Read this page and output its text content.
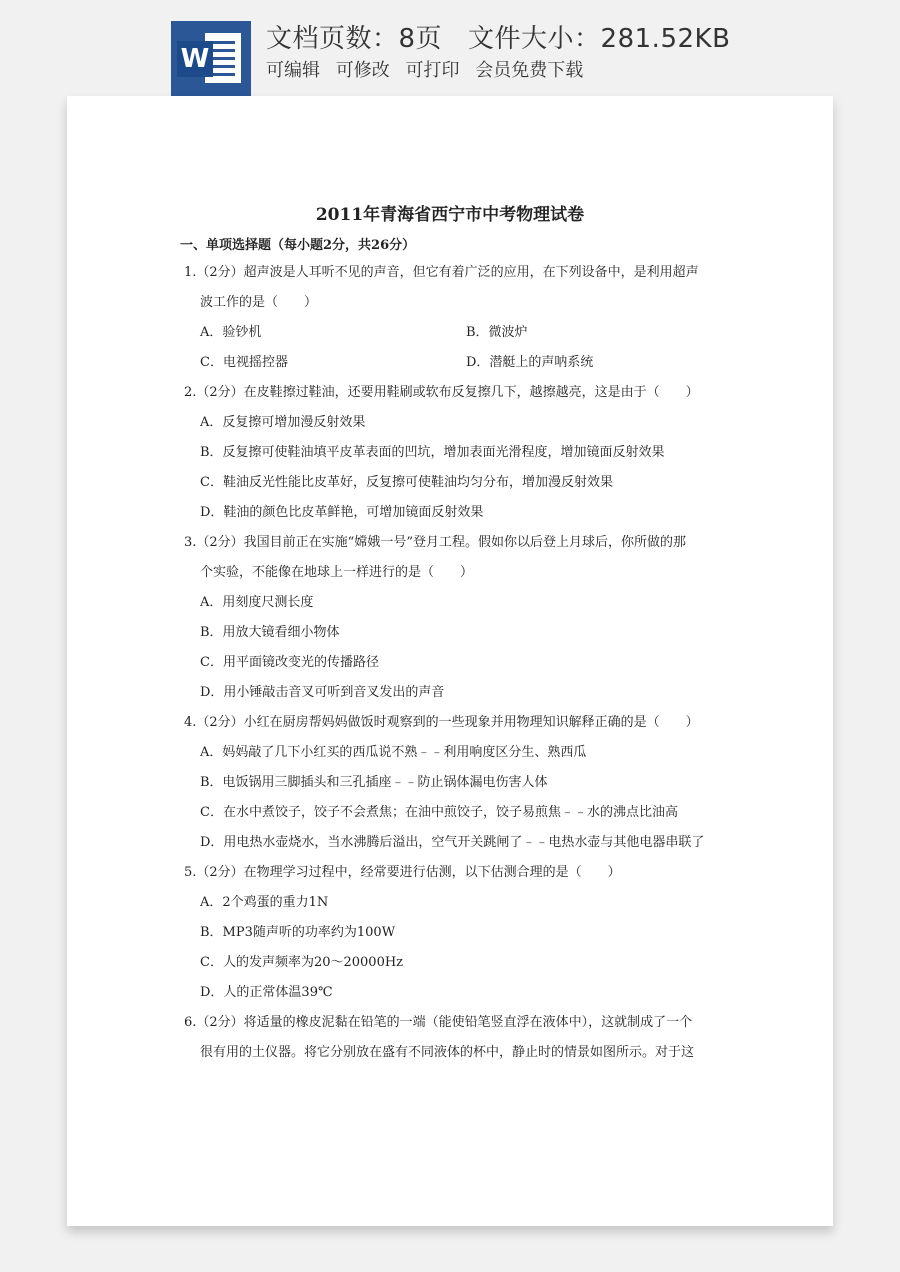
W
文档页数：8页 文件大小：281.52KB
可编辑 可修改 可打印 会员免费下载
2011年青海省西宁市中考物理试卷
一、单项选择题（每小题2分，共26分）
1.（2分）超声波是人耳听不见的声音，但它有着广泛的应用，在下列设备中，是利用超声
波工作的是（　　）
A．验钞机	B．微波炉
C．电视摇控器	D．潜艇上的声呐系统
2.（2分）在皮鞋擦过鞋油，还要用鞋刷或软布反复擦几下，越擦越亮，这是由于（　　）
A．反复擦可增加漫反射效果
B．反复擦可使鞋油填平皮革表面的凹坑，增加表面光滑程度，增加镜面反射效果
C．鞋油反光性能比皮革好，反复擦可使鞋油均匀分布，增加漫反射效果
D．鞋油的颜色比皮革鲜艳，可增加镜面反射效果
3.（2分）我国目前正在实施“嫦娥一号”登月工程。假如你以后登上月球后，你所做的那
个实验，不能像在地球上一样进行的是（　　）
A．用刻度尺测长度
B．用放大镜看细小物体
C．用平面镜改变光的传播路径
D．用小锤敲击音叉可听到音叉发出的声音
4.（2分）小红在厨房帮妈妈做饭时观察到的一些现象并用物理知识解释正确的是（　　）
A．妈妈敲了几下小红买的西瓜说不熟﹣﹣利用响度区分生、熟西瓜
B．电饭锅用三脚插头和三孔插座﹣﹣防止锅体漏电伤害人体
C．在水中煮饺子，饺子不会煮焦；在油中煎饺子，饺子易煎焦﹣﹣水的沸点比油高
D．用电热水壶烧水，当水沸腾后溢出，空气开关跳闸了﹣﹣电热水壶与其他电器串联了
5.（2分）在物理学习过程中，经常要进行估测，以下估测合理的是（　　）
A．2个鸡蛋的重力1N
B．MP3随声听的功率约为100W
C．人的发声频率为20～20000Hz
D．人的正常体温39℃
6.（2分）将适量的橡皮泥黏在铅笔的一端（能使铅笔竖直浮在液体中），这就制成了一个
很有用的土仪器。将它分别放在盛有不同液体的杯中，静止时的情景如图所示。对于这
